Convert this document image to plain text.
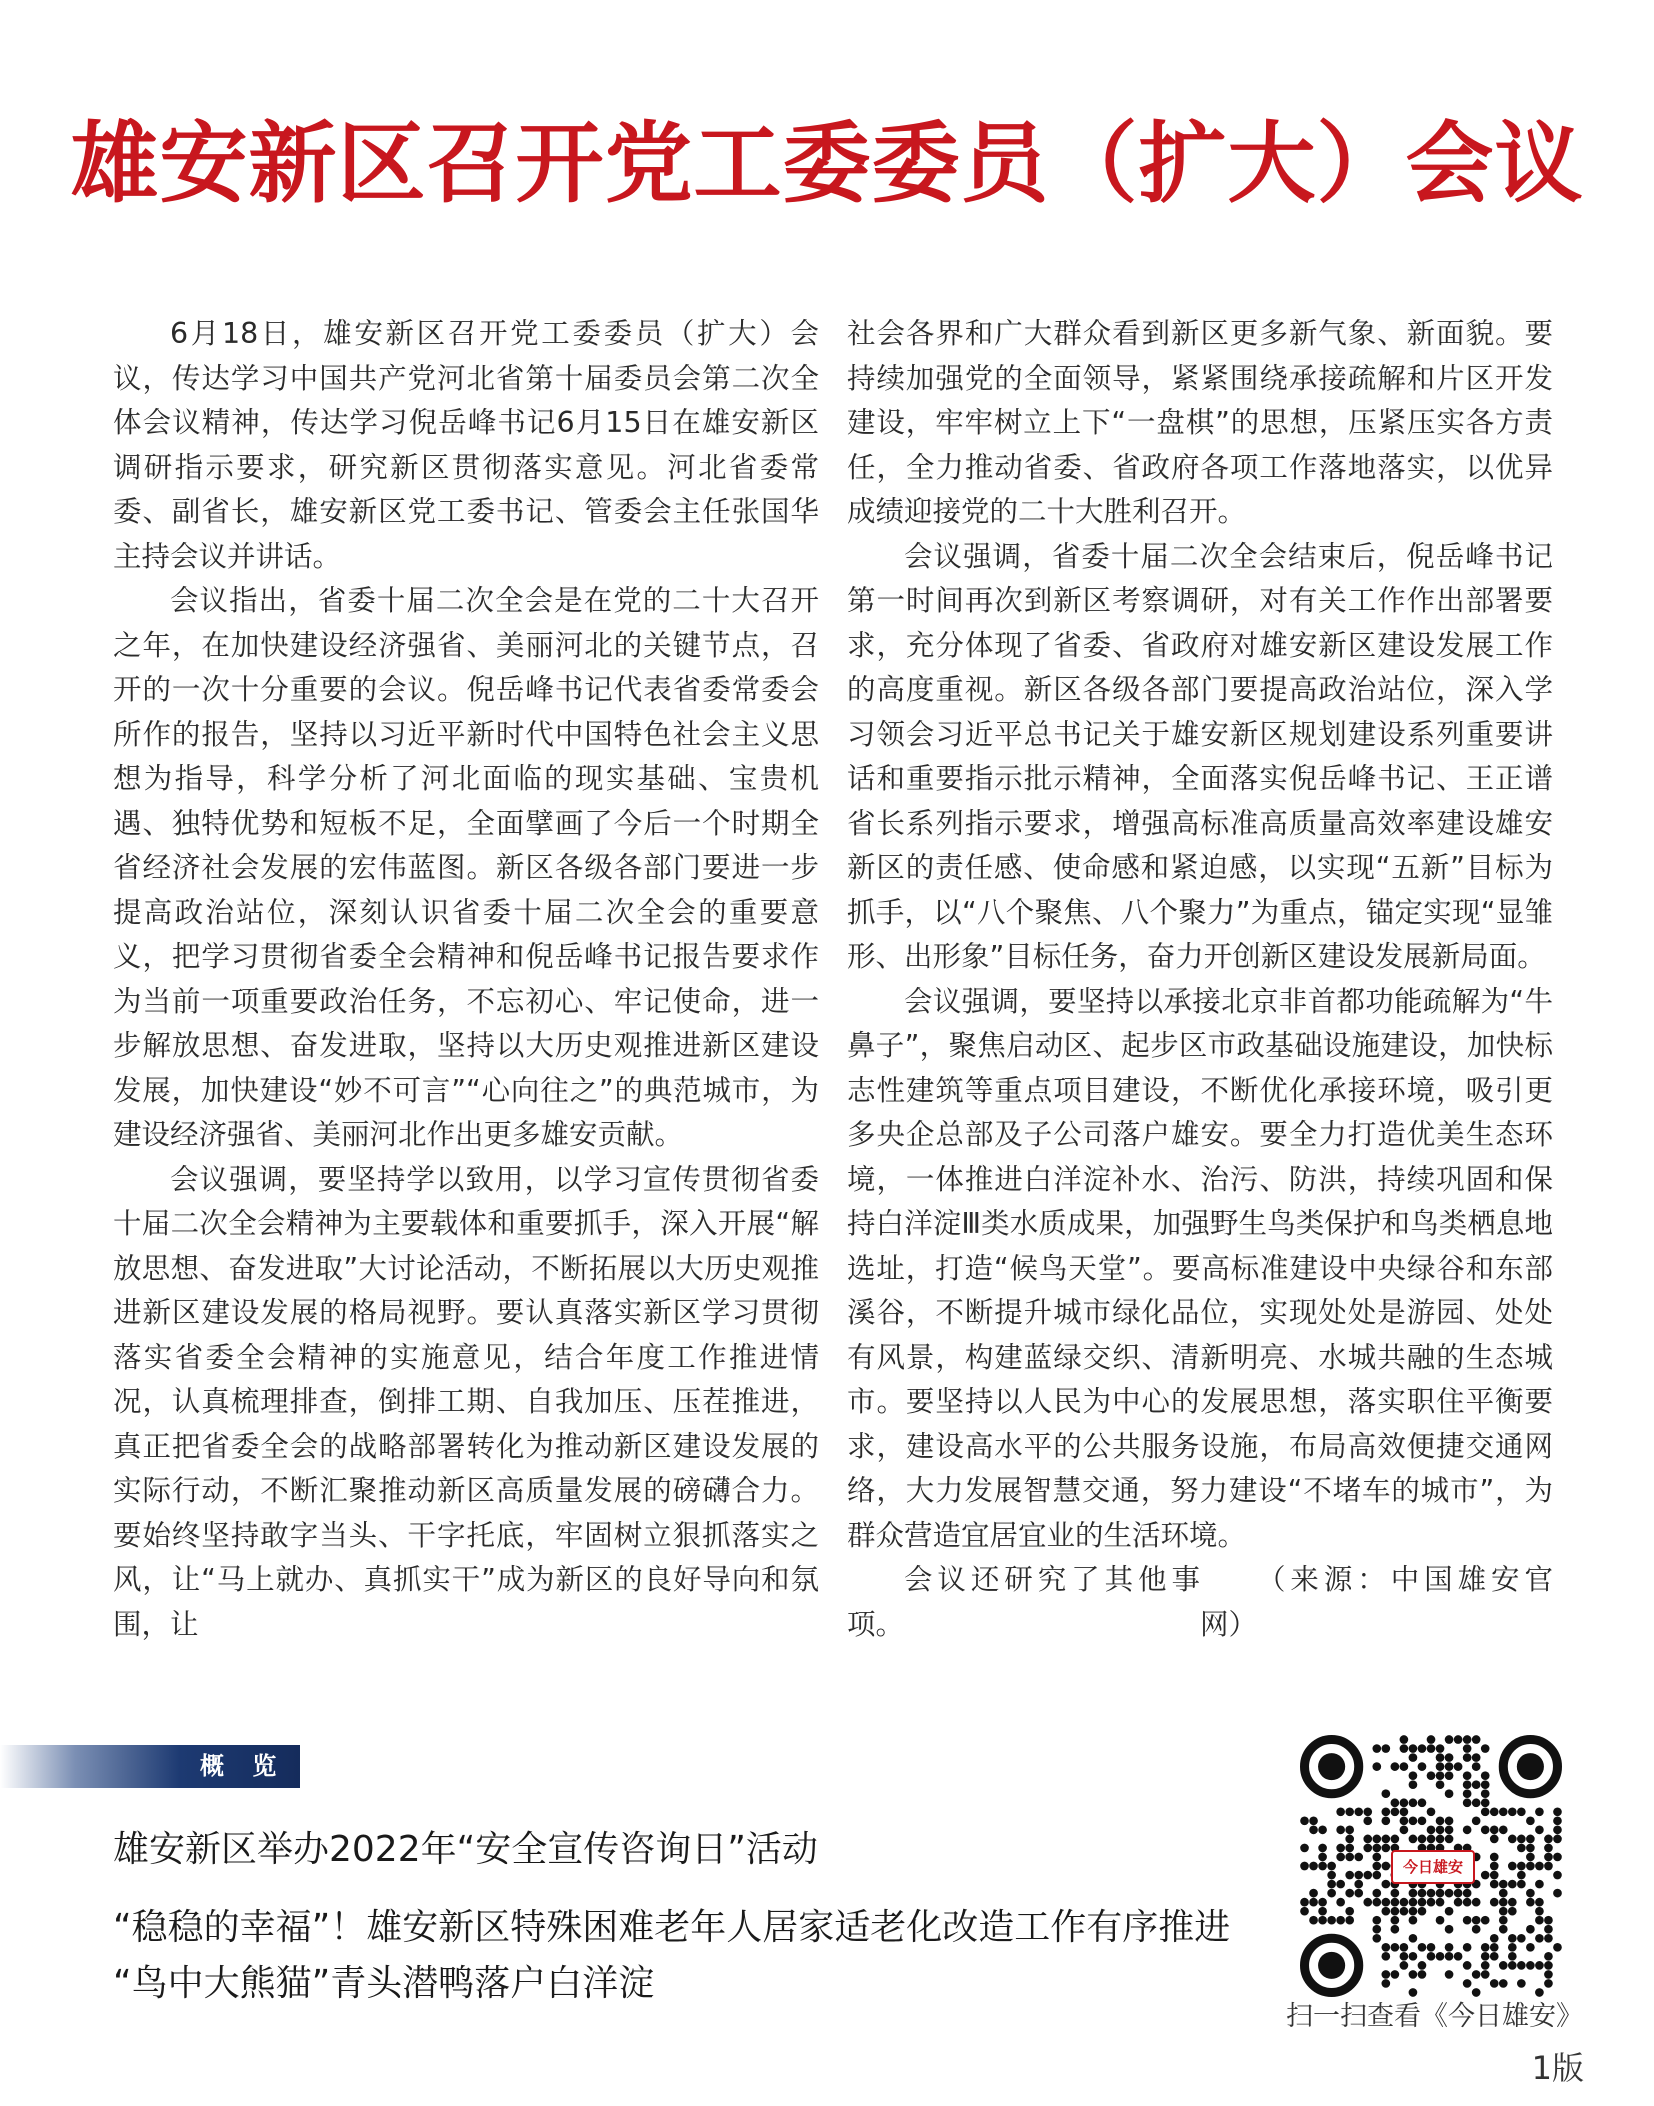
雄安新区召开党工委委员（扩大）会议

6月18日，雄安新区召开党工委委员（扩大）会议，传达学习中国共产党河北省第十届委员会第二次全体会议精神，传达学习倪岳峰书记6月15日在雄安新区调研指示要求，研究新区贯彻落实意见。河北省委常委、副省长，雄安新区党工委书记、管委会主任张国华主持会议并讲话。

会议指出，省委十届二次全会是在党的二十大召开之年，在加快建设经济强省、美丽河北的关键节点，召开的一次十分重要的会议。倪岳峰书记代表省委常委会所作的报告，坚持以习近平新时代中国特色社会主义思想为指导，科学分析了河北面临的现实基础、宝贵机遇、独特优势和短板不足，全面擘画了今后一个时期全省经济社会发展的宏伟蓝图。新区各级各部门要进一步提高政治站位，深刻认识省委十届二次全会的重要意义，把学习贯彻省委全会精神和倪岳峰书记报告要求作为当前一项重要政治任务，不忘初心、牢记使命，进一步解放思想、奋发进取，坚持以大历史观推进新区建设发展，加快建设“妙不可言”“心向往之”的典范城市，为建设经济强省、美丽河北作出更多雄安贡献。

会议强调，要坚持学以致用，以学习宣传贯彻省委十届二次全会精神为主要载体和重要抓手，深入开展“解放思想、奋发进取”大讨论活动，不断拓展以大历史观推进新区建设发展的格局视野。要认真落实新区学习贯彻落实省委全会精神的实施意见，结合年度工作推进情况，认真梳理排查，倒排工期、自我加压、压茬推进，真正把省委全会的战略部署转化为推动新区建设发展的实际行动，不断汇聚推动新区高质量发展的磅礴合力。要始终坚持敢字当头、干字托底，牢固树立狠抓落实之风，让“马上就办、真抓实干”成为新区的良好导向和氛围，让

社会各界和广大群众看到新区更多新气象、新面貌。要持续加强党的全面领导，紧紧围绕承接疏解和片区开发建设，牢牢树立上下“一盘棋”的思想，压紧压实各方责任，全力推动省委、省政府各项工作落地落实，以优异成绩迎接党的二十大胜利召开。

会议强调，省委十届二次全会结束后，倪岳峰书记第一时间再次到新区考察调研，对有关工作作出部署要求，充分体现了省委、省政府对雄安新区建设发展工作的高度重视。新区各级各部门要提高政治站位，深入学习领会习近平总书记关于雄安新区规划建设系列重要讲话和重要指示批示精神，全面落实倪岳峰书记、王正谱省长系列指示要求，增强高标准高质量高效率建设雄安新区的责任感、使命感和紧迫感，以实现“五新”目标为抓手，以“八个聚焦、八个聚力”为重点，锚定实现“显雏形、出形象”目标任务，奋力开创新区建设发展新局面。

会议强调，要坚持以承接北京非首都功能疏解为“牛鼻子”，聚焦启动区、起步区市政基础设施建设，加快标志性建筑等重点项目建设，不断优化承接环境，吸引更多央企总部及子公司落户雄安。要全力打造优美生态环境，一体推进白洋淀补水、治污、防洪，持续巩固和保持白洋淀Ⅲ类水质成果，加强野生鸟类保护和鸟类栖息地选址，打造“候鸟天堂”。要高标准建设中央绿谷和东部溪谷，不断提升城市绿化品位，实现处处是游园、处处有风景，构建蓝绿交织、清新明亮、水城共融的生态城市。要坚持以人民为中心的发展思想，落实职住平衡要求，建设高水平的公共服务设施，布局高效便捷交通网络，大力发展智慧交通，努力建设“不堵车的城市”，为群众营造宜居宜业的生活环境。

会议还研究了其他事项。
（来源：中国雄安官网）

概 览
雄安新区举办2022年“安全宣传咨询日”活动
“稳稳的幸福”！雄安新区特殊困难老年人居家适老化改造工作有序推进
“鸟中大熊猫”青头潜鸭落户白洋淀
今日雄安
扫一扫查看《今日雄安》
1版
